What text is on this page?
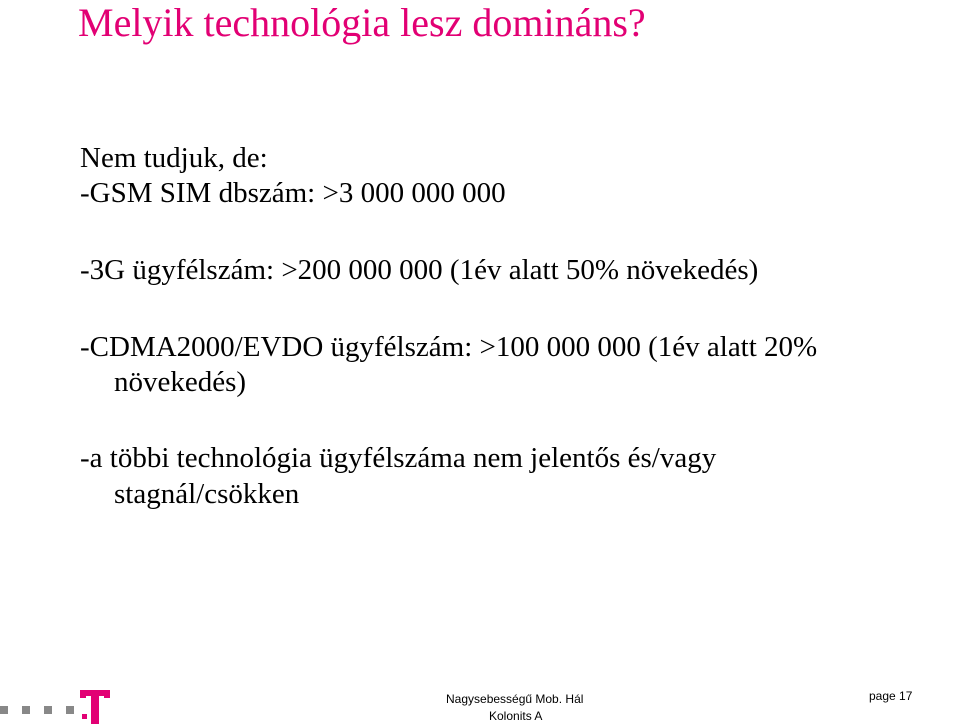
Melyik technológia lesz domináns?
Nem tudjuk, de:
-GSM SIM dbszám: >3 000 000 000
-3G ügyfélszám: >200 000 000 (1év alatt 50% növekedés)
-CDMA2000/EVDO ügyfélszám: >100 000 000 (1év alatt 20%
növekedés)
-a többi technológia ügyfélszáma nem jelentős és/vagy
stagnál/csökken
Nagysebességű Mob. Hál
Kolonits A
page 17
